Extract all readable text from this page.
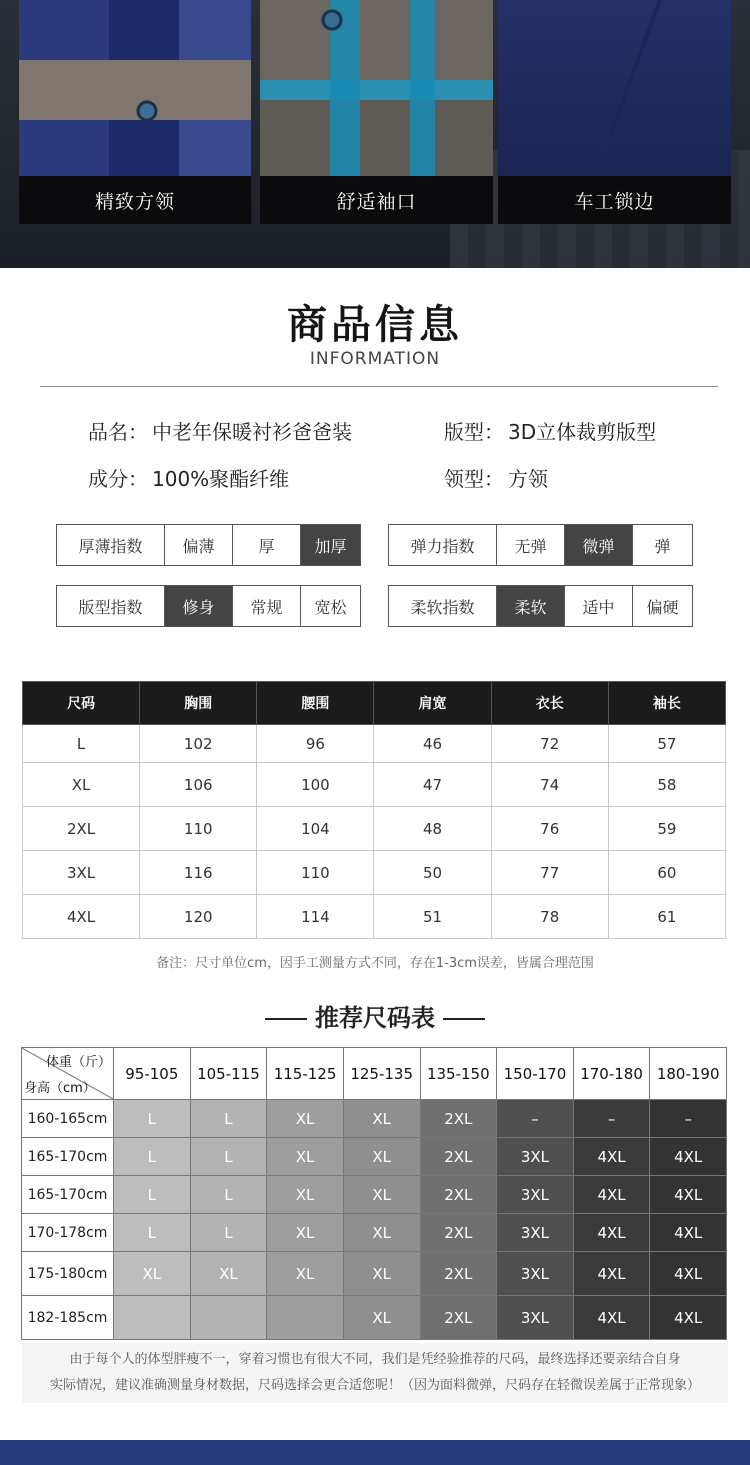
精致方领	舒适袖口	车工锁边
商品信息
INFORMATION
品名： 中老年保暖衬衫爸爸装	版型： 3D立体裁剪版型
成分： 100%聚酯纤维	领型： 方领
厚薄指数	偏薄	厚	加厚	弹力指数	无弹	微弹	弹
版型指数	修身	常规	宽松	柔软指数	柔软	适中	偏硬
尺码	胸围	腰围	肩宽	衣长	袖长
L	102	96	46	72	57
XL	106	100	47	74	58
2XL	110	104	48	76	59
3XL	116	110	50	77	60
4XL	120	114	51	78	61
备注：尺寸单位cm，因手工测量方式不同，存在1-3cm误差，皆属合理范围
推荐尺码表
体重（斤）
身高（cm）	95-105	105-115	115-125	125-135	135-150	150-170	170-180	180-190
160-165cm	L	L	XL	XL	2XL	–	–	–
165-170cm	L	L	XL	XL	2XL	3XL	4XL	4XL
165-170cm	L	L	XL	XL	2XL	3XL	4XL	4XL
170-178cm	L	L	XL	XL	2XL	3XL	4XL	4XL
175-180cm	XL	XL	XL	XL	2XL	3XL	4XL	4XL
182-185cm				XL	2XL	3XL	4XL	4XL
由于每个人的体型胖瘦不一，穿着习惯也有很大不同，我们是凭经验推荐的尺码，最终选择还要亲结合自身
实际情况，建议准确测量身材数据，尺码选择会更合适您呢！（因为面料微弹，尺码存在轻微误差属于正常现象）
